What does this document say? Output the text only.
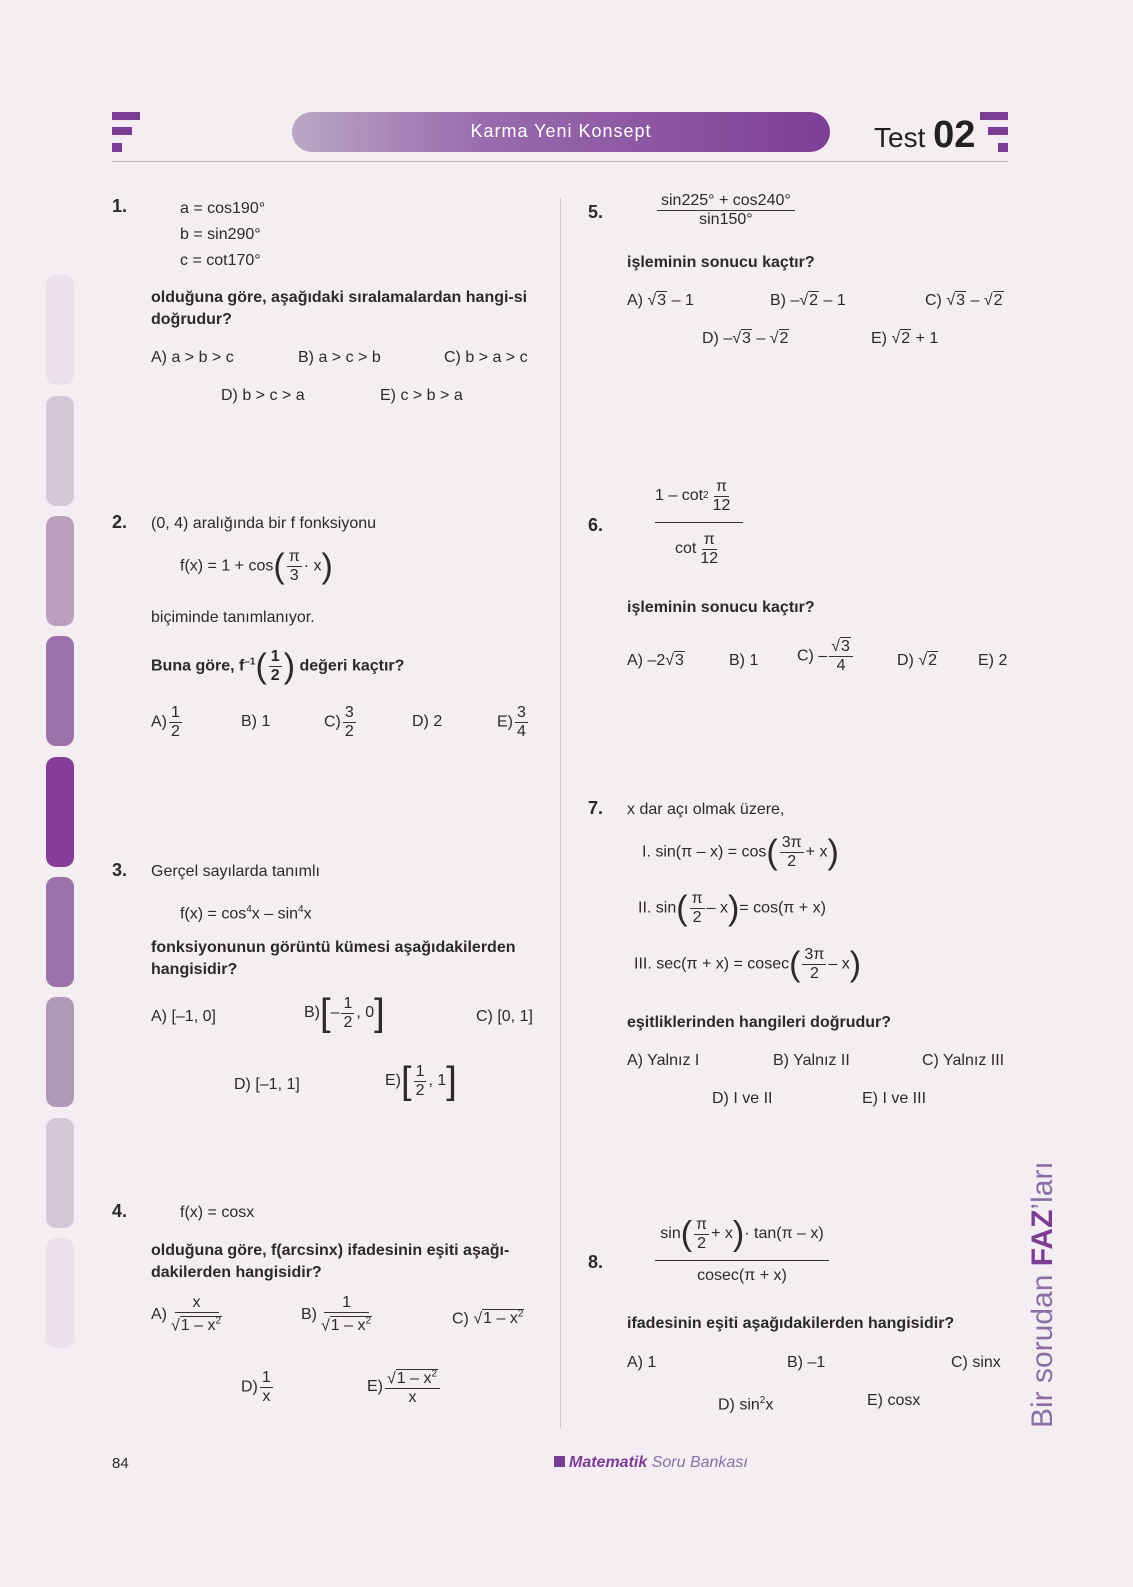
Karma Yeni Konsept	Test 02
1.	a = cos190°
b = sin290°
c = cot170°
olduğuna göre, aşağıdaki sıralamalardan hangi-si doğrudur?
A) a > b > c	B) a > c > b	C) b > a > c
D) b > c > a	E) c > b > a
2. (0, 4) aralığında bir f fonksiyonu
$f(x) = 1 + \cos( \frac{\pi}{3} \cdot x)$
biçiminde tanımlanıyor.
Buna göre, $f^{-1}( \frac{1}{2}$ ) değeri kaçtır?
$A) \frac{1}{2}$	B) 1	$C) \frac{3}{2}$	D) 2	$E) \frac{3}{4}$
3. Gerçel sayılarda tanımlı
$f(x) = \cos^4x - \sin^4x$
fonksiyonunun görüntü kümesi aşağıdakilerden hangisidir?
A) [–1, 0]	$B)[- \frac{1}{2}$ , 0]	C) [0, 1]
D) [–1, 1]	$E)[ \frac{1}{2}$ , 1]
4.	f(x) = cosx
olduğuna göre, f(arcsinx) ifadesinin eşiti aşağı-dakilerden hangisidir?
$A) \frac{x}{√1 - x^2}$	$B) \frac{1}{√1 - x^2}$	C) $√1 - x^2$
$D) \frac{1}{x}$	$E) \frac{√1 - x^2}{x}$
5.	$\frac{\sin 225^\circ + \cos 240^\circ}{\sin 150^\circ}$
işleminin sonucu kaçtır?
A) √3 – 1	B) –√2 – 1	C) √3 – √2
D) –√3 – √2	E) √2 + 1
6.
$1 - \cot 2 \frac{\pi}{12}$
$\cot \frac{\pi}{12}$
işleminin sonucu kaçtır?
A) –2√3	B) 1 $C) - \frac{√3}{4}$	D) √2	E) 2
7. x dar açı olmak üzere,
I. $\sin(\pi - x) = \cos( \frac{3\pi}{2} + x)$
II. $\sin( \frac{\pi}{2} - x)= \cos(\pi + x)$
III. $\sec(\pi + x) = cosec( \frac{3\pi}{2} - x)$
eşitliklerinden hangileri doğrudur?
A) Yalnız I	B) Yalnız II	C) Yalnız III
D) I ve II	E) I ve III
8.
sin ( $\frac{\pi}{2} + x$ ) · tan(π – x)
cosec(π + x)
ifadesinin eşiti aşağıdakilerden hangisidir?
A) 1	B) –1	C) sinx
D) $\sin^2x$	E) cosx	Bir sorudan FAZ’ları
84	Matematik Soru Bankası
